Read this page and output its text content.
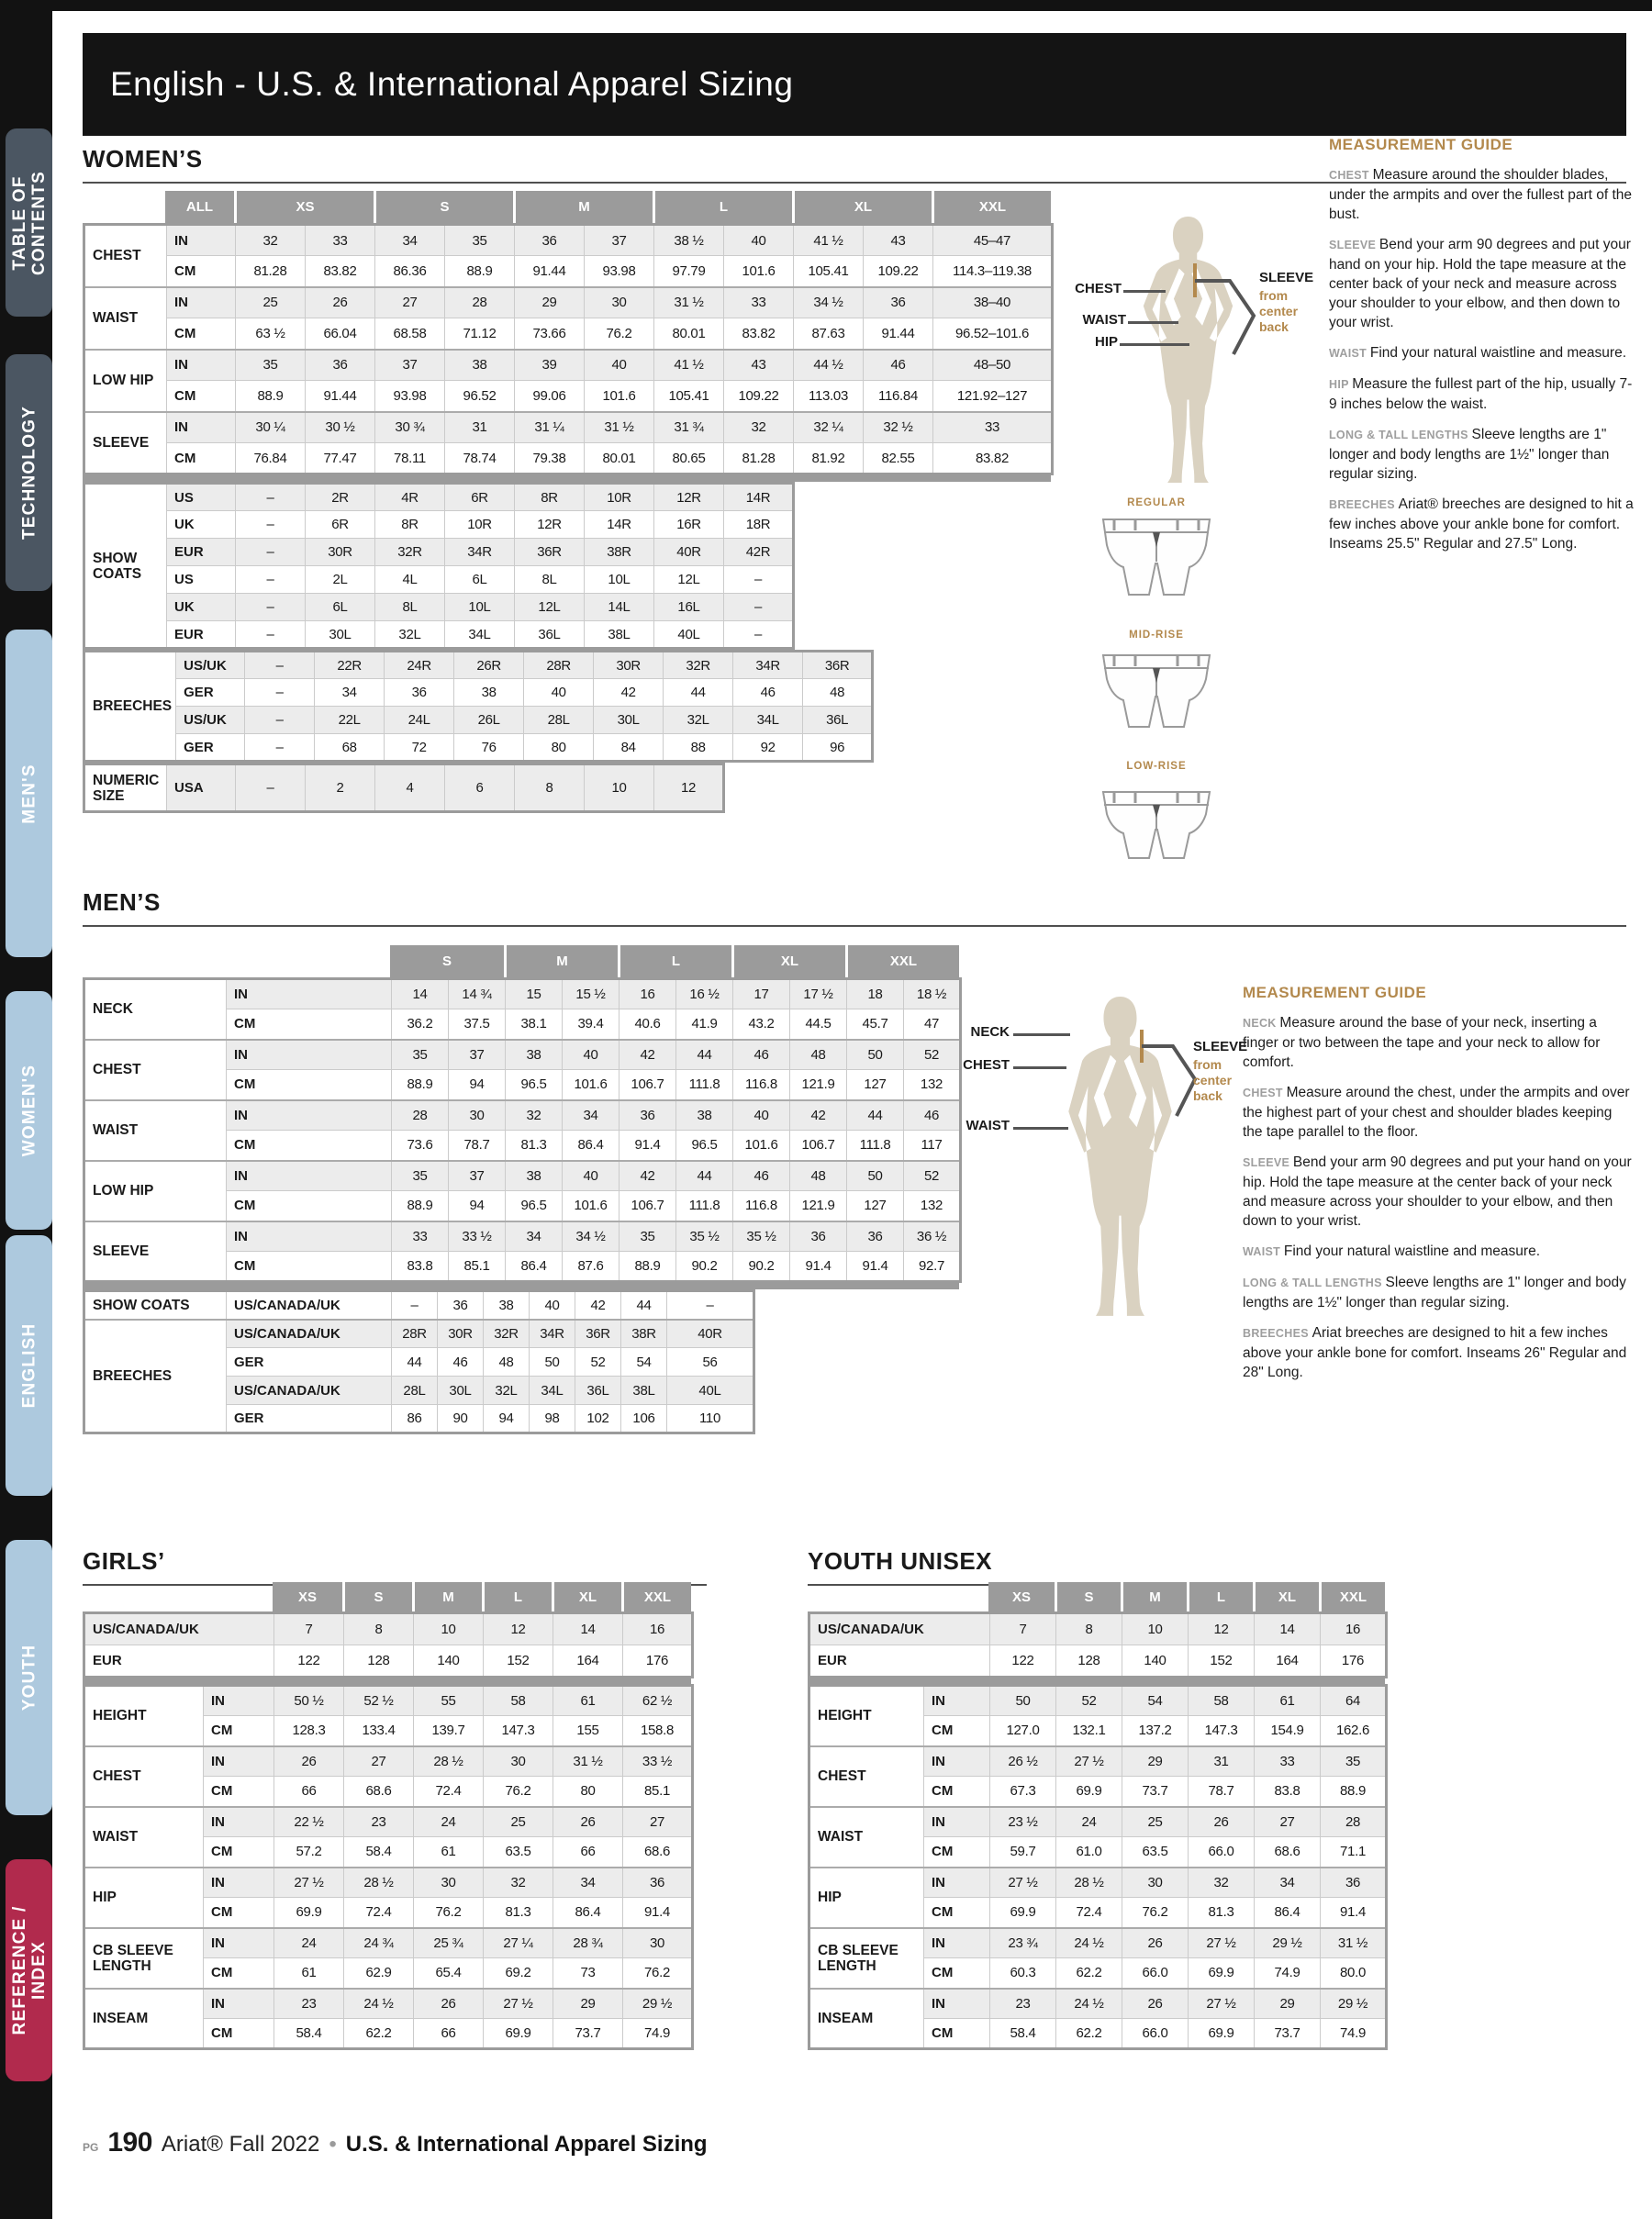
TABLE OF CONTENTS
TECHNOLOGY
MEN'S
WOMEN'S
ENGLISH
YOUTH
REFERENCE / INDEX
English - U.S. & International Apparel Sizing
WOMEN’S
ALL	XS	S	M	L	XL	XXL
CHEST	IN	32	33	34	35	36	37	38 ½	40	41 ½	43	45–47
	CM	81.28	83.82	86.36	88.9	91.44	93.98	97.79	101.6	105.41	109.22	114.3–119.38
WAIST	IN	25	26	27	28	29	30	31 ½	33	34 ½	36	38–40
	CM	63 ½	66.04	68.58	71.12	73.66	76.2	80.01	83.82	87.63	91.44	96.52–101.6
LOW HIP	IN	35	36	37	38	39	40	41 ½	43	44 ½	46	48–50
	CM	88.9	91.44	93.98	96.52	99.06	101.6	105.41	109.22	113.03	116.84	121.92–127
SLEEVE	IN	30 ¼	30 ½	30 ¾	31	31 ¼	31 ½	31 ¾	32	32 ¼	32 ½	33
	CM	76.84	77.47	78.11	78.74	79.38	80.01	80.65	81.28	81.92	82.55	83.82
SHOW COATS	US	–	2R	4R	6R	8R	10R	12R	14R
	UK	–	6R	8R	10R	12R	14R	16R	18R
	EUR	–	30R	32R	34R	36R	38R	40R	42R
	US	–	2L	4L	6L	8L	10L	12L	–
	UK	–	6L	8L	10L	12L	14L	16L	–
	EUR	–	30L	32L	34L	36L	38L	40L	–
BREECHES	US/UK	–	22R	24R	26R	28R	30R	32R	34R	36R
	GER	–	34	36	38	40	42	44	46	48
	US/UK	–	22L	24L	26L	28L	30L	32L	34L	36L
	GER	–	68	72	76	80	84	88	92	96
NUMERIC SIZE	USA	–	2	4	6	8	10	12
CHEST
WAIST
HIP
SLEEVE
from
center
back
REGULAR
MID-RISE
LOW-RISE
MEASUREMENT GUIDE

CHEST Measure around the shoulder blades, under the armpits and over the fullest part of the bust.

SLEEVE Bend your arm 90 degrees and put your hand on your hip. Hold the tape measure at the center back of your neck and measure across your shoulder to your elbow, and then down to your wrist.

WAIST Find your natural waistline and measure.

HIP Measure the fullest part of the hip, usually 7-9 inches below the waist.

LONG & TALL LENGTHS Sleeve lengths are 1" longer and body lengths are 1½" longer than regular sizing.

BREECHES Ariat® breeches are designed to hit a few inches above your ankle bone for comfort. Inseams 25.5" Regular and 27.5" Long.

MEN’S
S	M	L	XL	XXL
NECK	IN	14	14 ¾	15	15 ½	16	16 ½	17	17 ½	18	18 ½
	CM	36.2	37.5	38.1	39.4	40.6	41.9	43.2	44.5	45.7	47
CHEST	IN	35	37	38	40	42	44	46	48	50	52
	CM	88.9	94	96.5	101.6	106.7	111.8	116.8	121.9	127	132
WAIST	IN	28	30	32	34	36	38	40	42	44	46
	CM	73.6	78.7	81.3	86.4	91.4	96.5	101.6	106.7	111.8	117
LOW HIP	IN	35	37	38	40	42	44	46	48	50	52
	CM	88.9	94	96.5	101.6	106.7	111.8	116.8	121.9	127	132
SLEEVE	IN	33	33 ½	34	34 ½	35	35 ½	35 ½	36	36	36 ½
	CM	83.8	85.1	86.4	87.6	88.9	90.2	90.2	91.4	91.4	92.7
SHOW COATS	US/CANADA/UK	–	36	38	40	42	44	–
BREECHES	US/CANADA/UK	28R	30R	32R	34R	36R	38R	40R
	GER	44	46	48	50	52	54	56
	US/CANADA/UK	28L	30L	32L	34L	36L	38L	40L
	GER	86	90	94	98	102	106	110
NECK
CHEST
WAIST
SLEEVE
from
center
back
MEASUREMENT GUIDE

NECK Measure around the base of your neck, inserting a finger or two between the tape and your neck to allow for comfort.

CHEST Measure around the chest, under the armpits and over the highest part of your chest and shoulder blades keeping the tape parallel to the floor.

SLEEVE Bend your arm 90 degrees and put your hand on your hip. Hold the tape measure at the center back of your neck and measure across your shoulder to your elbow, and then down to your wrist.

WAIST Find your natural waistline and measure.

LONG & TALL LENGTHS Sleeve lengths are 1" longer and body lengths are 1½" longer than regular sizing.

BREECHES Ariat breeches are designed to hit a few inches above your ankle bone for comfort. Inseams 26" Regular and 28" Long.

GIRLS’
XS	S	M	L	XL	XXL
US/CANADA/UK	7	8	10	12	14	16
EUR	122	128	140	152	164	176
HEIGHT	IN	50 ½	52 ½	55	58	61	62 ½
	CM	128.3	133.4	139.7	147.3	155	158.8
CHEST	IN	26	27	28 ½	30	31 ½	33 ½
	CM	66	68.6	72.4	76.2	80	85.1
WAIST	IN	22 ½	23	24	25	26	27
	CM	57.2	58.4	61	63.5	66	68.6
HIP	IN	27 ½	28 ½	30	32	34	36
	CM	69.9	72.4	76.2	81.3	86.4	91.4
CB SLEEVE LENGTH	IN	24	24 ¾	25 ¾	27 ¼	28 ¾	30
	CM	61	62.9	65.4	69.2	73	76.2
INSEAM	IN	23	24 ½	26	27 ½	29	29 ½
	CM	58.4	62.2	66	69.9	73.7	74.9
YOUTH UNISEX
XS	S	M	L	XL	XXL
US/CANADA/UK	7	8	10	12	14	16
EUR	122	128	140	152	164	176
HEIGHT	IN	50	52	54	58	61	64
	CM	127.0	132.1	137.2	147.3	154.9	162.6
CHEST	IN	26 ½	27 ½	29	31	33	35
	CM	67.3	69.9	73.7	78.7	83.8	88.9
WAIST	IN	23 ½	24	25	26	27	28
	CM	59.7	61.0	63.5	66.0	68.6	71.1
HIP	IN	27 ½	28 ½	30	32	34	36
	CM	69.9	72.4	76.2	81.3	86.4	91.4
CB SLEEVE LENGTH	IN	23 ¾	24 ½	26	27 ½	29 ½	31 ½
	CM	60.3	62.2	66.0	69.9	74.9	80.0
INSEAM	IN	23	24 ½	26	27 ½	29	29 ½
	CM	58.4	62.2	66.0	69.9	73.7	74.9
PG 190 Ariat® Fall 2022 • U.S. & International Apparel Sizing
